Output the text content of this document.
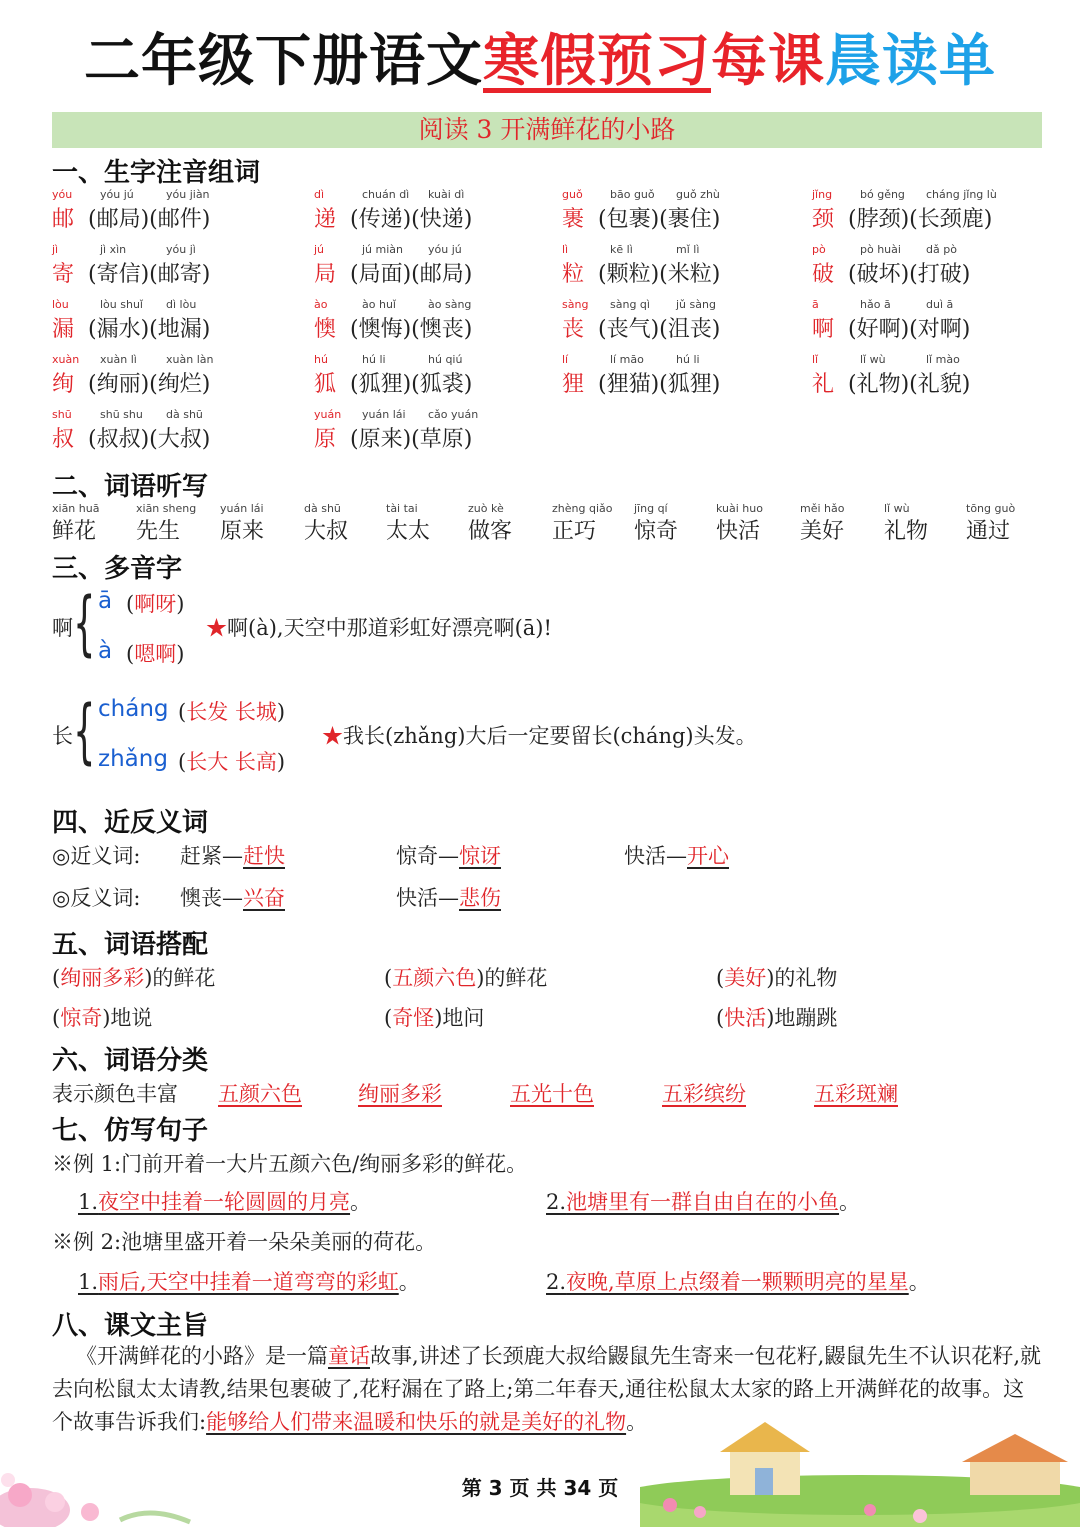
二年级下册语文寒假预习每课晨读单
阅读 3 开满鲜花的小路
一、生字注音组词
yóu	yóu jú	yóu jiàn
邮 (邮局)(邮件)
dì	chuán dì kuài dì
递 (传递)(快递)
guǒ bāo guǒ guǒ zhù
裹 (包裹)(裹住)
jǐng	bó gěng cháng jǐng lù
颈 (脖颈)(长颈鹿)
jì	jì xìn	yóu jì
寄 (寄信)(邮寄)
jú	jú miàn yóu jú
局 (局面)(邮局)
lì	kē lì	mǐ lì
粒 (颗粒)(米粒)
pò	pò huài dǎ pò
破 (破坏)(打破)
lòu	lòu shuǐ dì lòu
漏 (漏水)(地漏)
ào	ào huǐ	ào sàng
懊 (懊悔)(懊丧)
sàng sàng qì jǔ sàng
丧 (丧气)(沮丧)
ā	hǎo ā	duì ā
啊 (好啊)(对啊)
xuàn xuàn lì	xuàn làn
绚 (绚丽)(绚烂)
hú	hú li	hú qiú
狐 (狐狸)(狐裘)
lí	lí māo	hú li
狸 (狸猫)(狐狸)
lǐ	lǐ wù	lǐ mào
礼 (礼物)(礼貌)
shū	shū shu dà shū
叔 (叔叔)(大叔)
yuán yuán lái cǎo yuán
原 (原来)(草原)
二、词语听写
xiān huā
鲜花
xiān sheng
先生
yuán lái
原来
dà shū
大叔
tài tai
太太
zuò kè
做客
zhèng qiǎo
正巧
jīng qí
惊奇
kuài huo
快活
měi hǎo
美好
lǐ wù
礼物
tōng guò
通过
三、多音字
啊 { ā (啊呀)
à (嗯啊)
★啊(à),天空中那道彩虹好漂亮啊(ā)!
长 { cháng (长发 长城)
zhǎng (长大 长高)
★我长(zhǎng)大后一定要留长(cháng)头发。
四、近反义词
◎近义词: 赶紧—赶快	惊奇—惊讶	快活—开心
◎反义词: 懊丧—兴奋	快活—悲伤
五、词语搭配
(绚丽多彩)的鲜花	(五颜六色)的鲜花	(美好)的礼物
(惊奇)地说	(奇怪)地问	(快活)地蹦跳
六、词语分类
表示颜色丰富 五颜六色	绚丽多彩	五光十色	五彩缤纷	五彩斑斓
七、仿写句子
※例 1:门前开着一大片五颜六色/绚丽多彩的鲜花。
1.夜空中挂着一轮圆圆的月亮。	2.池塘里有一群自由自在的小鱼。
※例 2:池塘里盛开着一朵朵美丽的荷花。
1.雨后,天空中挂着一道弯弯的彩虹。	2.夜晚,草原上点缀着一颗颗明亮的星星。
八、课文主旨
《开满鲜花的小路》是一篇童话故事,讲述了长颈鹿大叔给鼹鼠先生寄来一包花籽,鼹鼠先生不认识花籽,就去向松鼠太太请教,结果包裹破了,花籽漏在了路上;第二年春天,通往松鼠太太家的路上开满鲜花的故事。这个故事告诉我们:能够给人们带来温暖和快乐的就是美好的礼物。
第 3 页 共 34 页
